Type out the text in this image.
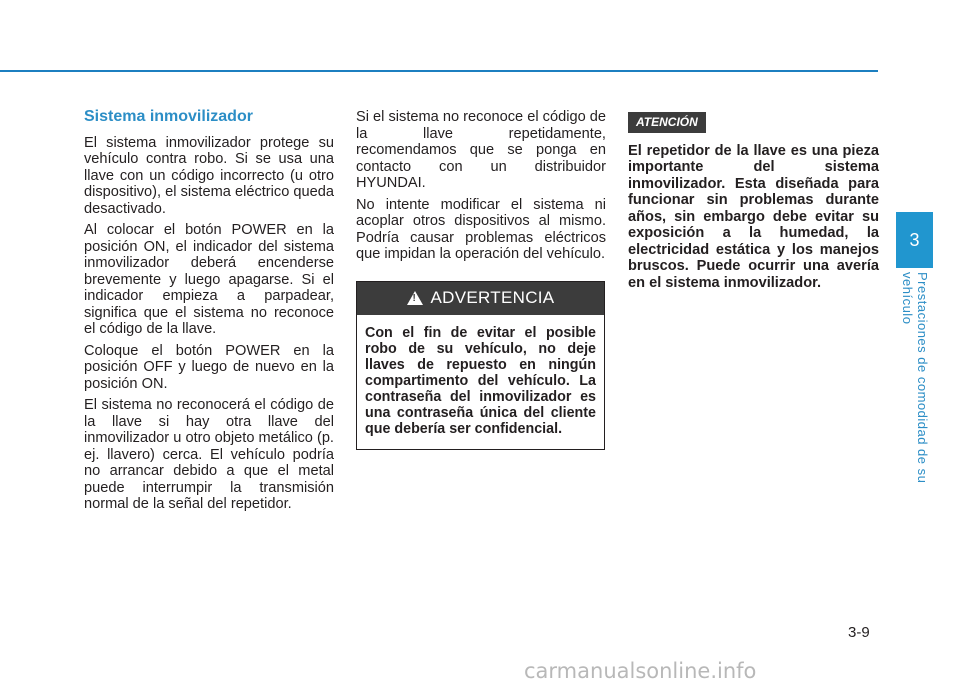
Sistema inmovilizador

El sistema inmovilizador protege su vehículo contra robo. Si se usa una llave con un código incorrecto (u otro dispositivo), el sistema eléctrico queda desactivado.

Al colocar el botón POWER en la posición ON, el indicador del sistema inmovilizador deberá encenderse brevemente y luego apagarse. Si el indicador empieza a parpadear, significa que el sistema no reconoce el código de la llave.

Coloque el botón POWER en la posición OFF y luego de nuevo en la posición ON.

El sistema no reconocerá el código de la llave si hay otra llave del inmovilizador u otro objeto metálico (p. ej. llavero) cerca. El vehículo podría no arrancar debido a que el metal puede interrumpir la transmisión normal de la señal del repetidor.

Si el sistema no reconoce el código de la llave repetidamente, recomendamos que se ponga en contacto con un distribuidor HYUNDAI.

No intente modificar el sistema ni acoplar otros dispositivos al mismo. Podría causar problemas eléctricos que impidan la operación del vehículo.

! ADVERTENCIA
Con el fin de evitar el posible robo de su vehículo, no deje llaves de repuesto en ningún compartimento del vehículo. La contraseña del inmovilizador es una contraseña única del cliente que debería ser confidencial.
ATENCIÓN

El repetidor de la llave es una pieza importante del sistema inmovilizador. Esta diseñada para funcionar sin problemas durante años, sin embargo debe evitar su exposición a la humedad, la electricidad estática y los manejos bruscos. Puede ocurrir una avería en el sistema inmovilizador.

3
Prestaciones de comodidad de su vehículo
3-9
carmanualsonline.info
